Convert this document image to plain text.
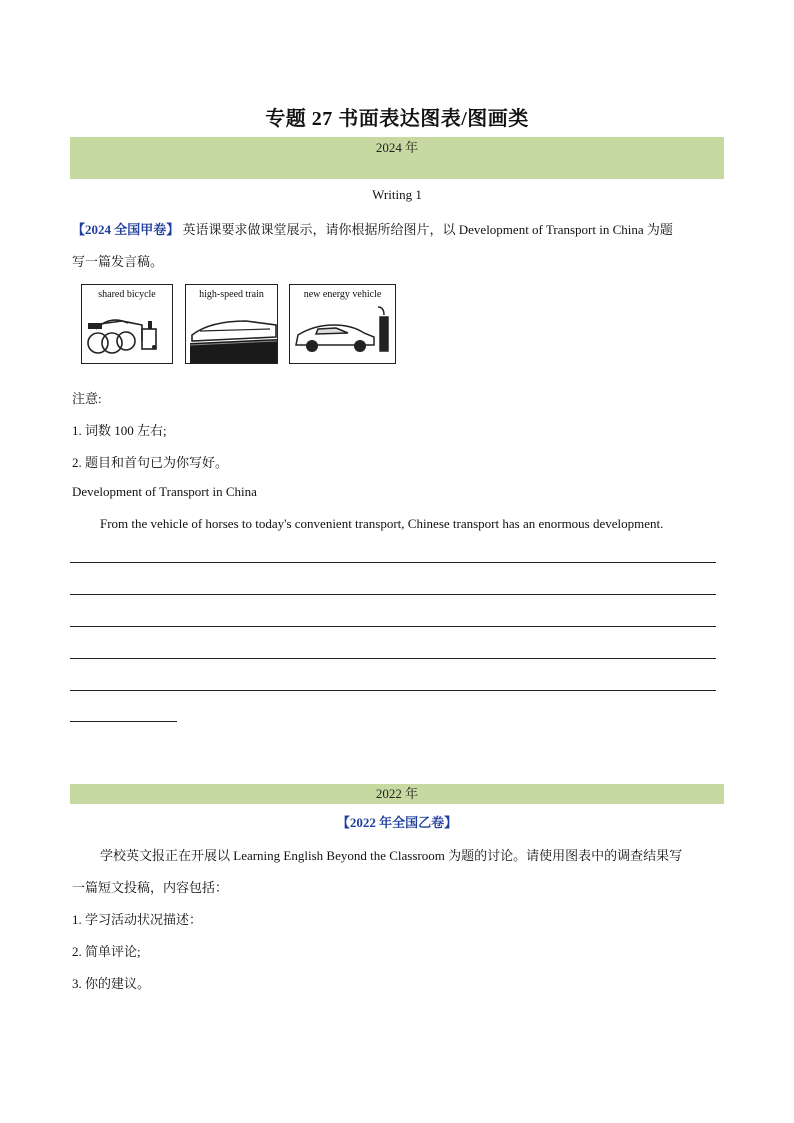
专题 27 书面表达图表/图画类
2024 年
Writing 1
【2024 全国甲卷】 英语课要求做课堂展示，请你根据所给图片，以 Development of Transport in China 为题
写一篇发言稿。
shared bicycle	high-speed train	new energy vehicle
注意:
1. 词数 100 左右;
2. 题目和首句已为你写好。
Development of Transport in China
From the vehicle of horses to today's convenient transport, Chinese transport has an enormous development.
2022 年
【2022 年全国乙卷】
学校英文报正在开展以 Learning English Beyond the Classroom 为题的讨论。请使用图表中的调查结果写
一篇短文投稿，内容包括：
1. 学习活动状况描述：
2. 简单评论;
3. 你的建议。
